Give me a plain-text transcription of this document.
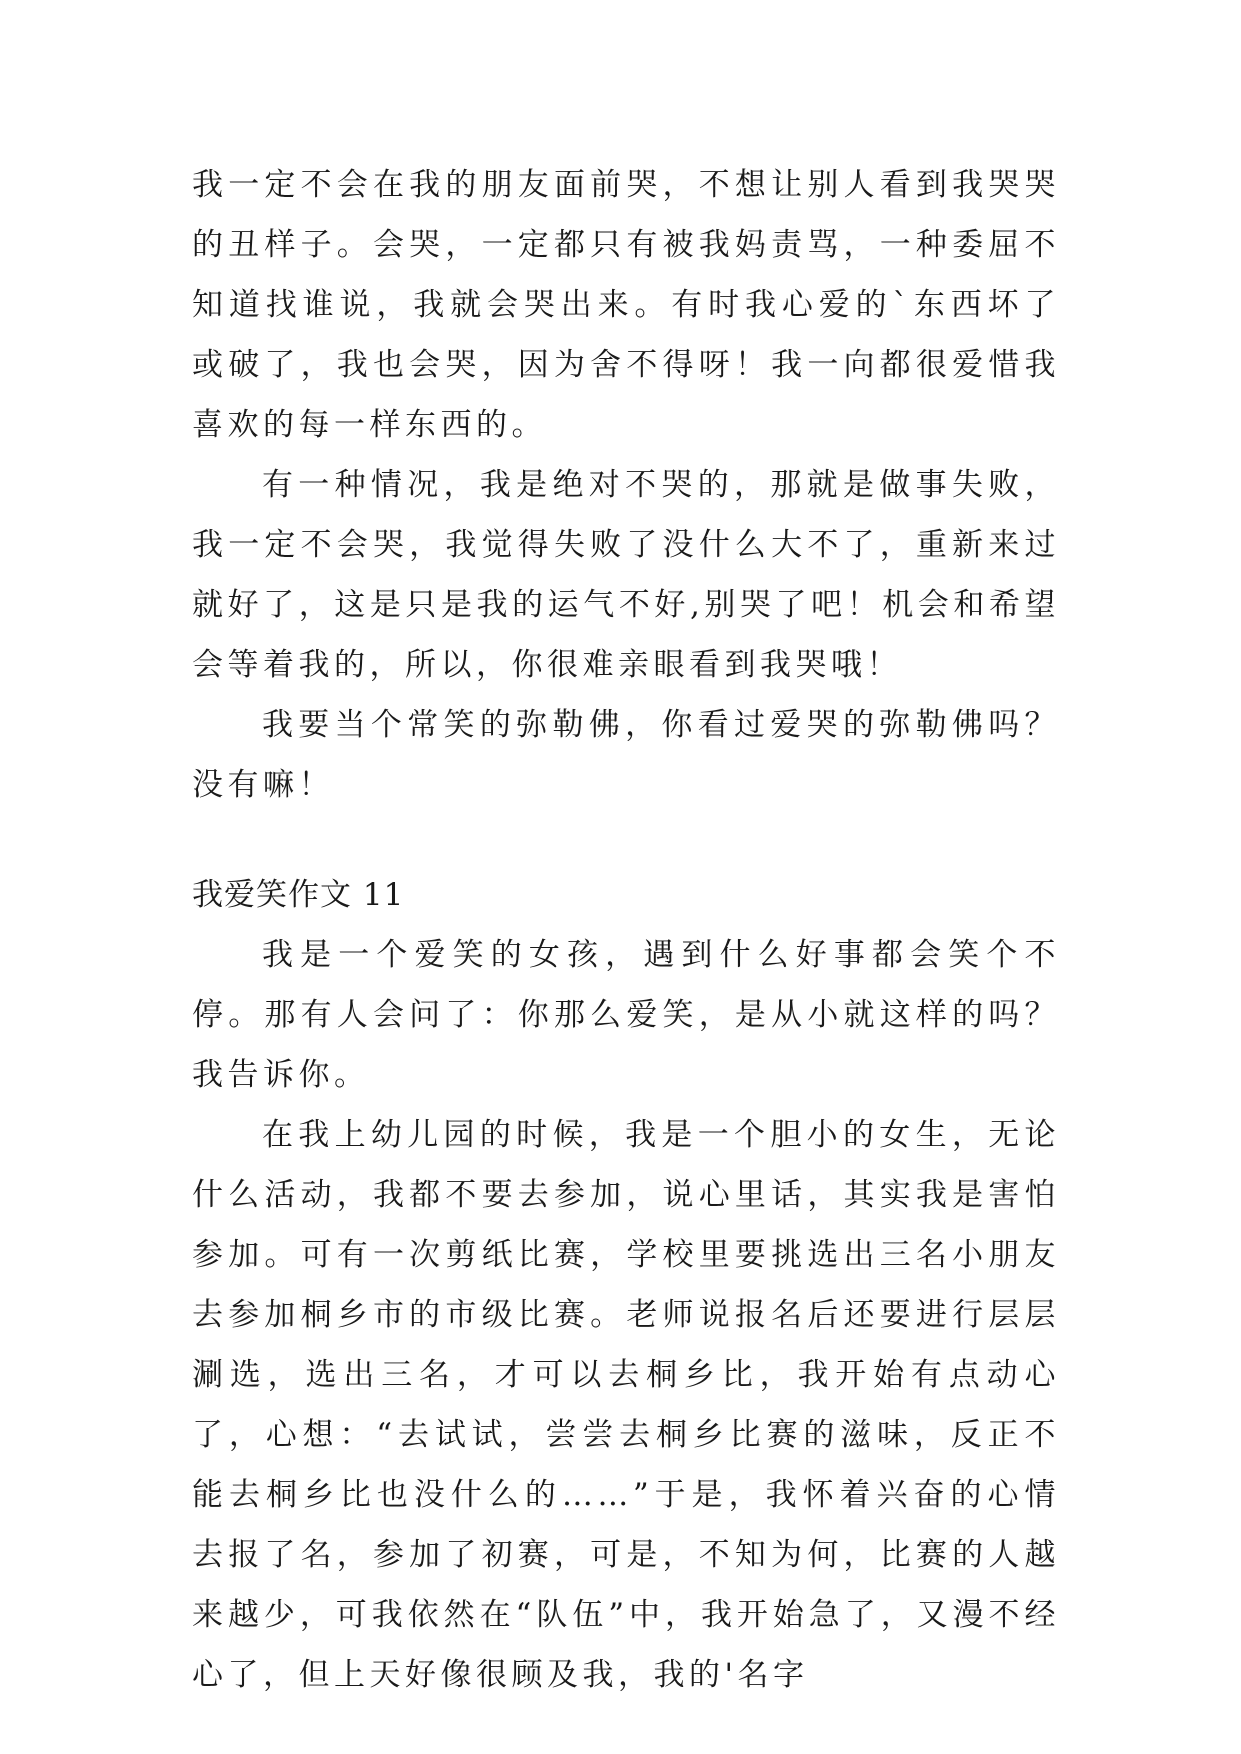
我一定不会在我的朋友面前哭，不想让别人看到我哭哭的丑样子。会哭，一定都只有被我妈责骂，一种委屈不知道找谁说，我就会哭出来。有时我心爱的`东西坏了或破了，我也会哭，因为舍不得呀！我一向都很爱惜我喜欢的每一样东西的。

有一种情况，我是绝对不哭的，那就是做事失败，我一定不会哭，我觉得失败了没什么大不了，重新来过就好了，这是只是我的运气不好,别哭了吧！机会和希望会等着我的，所以，你很难亲眼看到我哭哦！

我要当个常笑的弥勒佛，你看过爱哭的弥勒佛吗？没有嘛！

我爱笑作文 11

我是一个爱笑的女孩，遇到什么好事都会笑个不停。那有人会问了：你那么爱笑，是从小就这样的吗？我告诉你。

在我上幼儿园的时候，我是一个胆小的女生，无论什么活动，我都不要去参加，说心里话，其实我是害怕参加。可有一次剪纸比赛，学校里要挑选出三名小朋友去参加桐乡市的市级比赛。老师说报名后还要进行层层涮选，选出三名，才可以去桐乡比，我开始有点动心了，心想：“去试试，尝尝去桐乡比赛的滋味，反正不能去桐乡比也没什么的……”于是，我怀着兴奋的心情去报了名，参加了初赛，可是，不知为何，比赛的人越来越少，可我依然在“队伍”中，我开始急了，又漫不经心了，但上天好像很顾及我，我的'名字
